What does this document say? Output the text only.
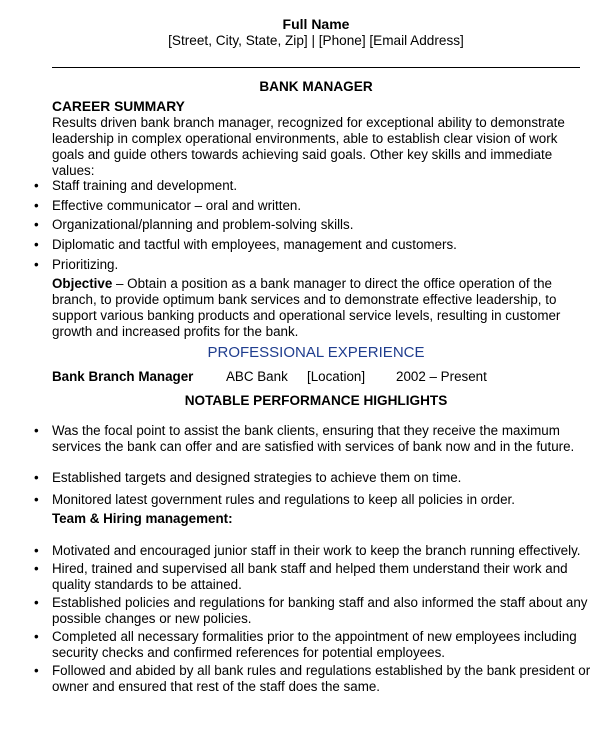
Full Name
[Street, City, State, Zip] | [Phone] [Email Address]
BANK MANAGER
CAREER SUMMARY
Results driven bank branch manager, recognized for exceptional ability to demonstrate leadership in complex operational environments, able to establish clear vision of work goals and guide others towards achieving said goals. Other key skills and immediate values:
• Staff training and development.
• Effective communicator – oral and written.
• Organizational/planning and problem-solving skills.
• Diplomatic and tactful with employees, management and customers.
• Prioritizing.
Objective – Obtain a position as a bank manager to direct the office operation of the branch, to provide optimum bank services and to demonstrate effective leadership, to support various banking products and operational service levels, resulting in customer growth and increased profits for the bank.
PROFESSIONAL EXPERIENCE
Bank Branch Manager ABC Bank [Location] 2002 – Present
NOTABLE PERFORMANCE HIGHLIGHTS
• Was the focal point to assist the bank clients, ensuring that they receive the maximum services the bank can offer and are satisfied with services of bank now and in the future.
• Established targets and designed strategies to achieve them on time.
• Monitored latest government rules and regulations to keep all policies in order.
Team & Hiring management:
• Motivated and encouraged junior staff in their work to keep the branch running effectively.
• Hired, trained and supervised all bank staff and helped them understand their work and quality standards to be attained.
• Established policies and regulations for banking staff and also informed the staff about any possible changes or new policies.
• Completed all necessary formalities prior to the appointment of new employees including security checks and confirmed references for potential employees.
• Followed and abided by all bank rules and regulations established by the bank president or owner and ensured that rest of the staff does the same.
